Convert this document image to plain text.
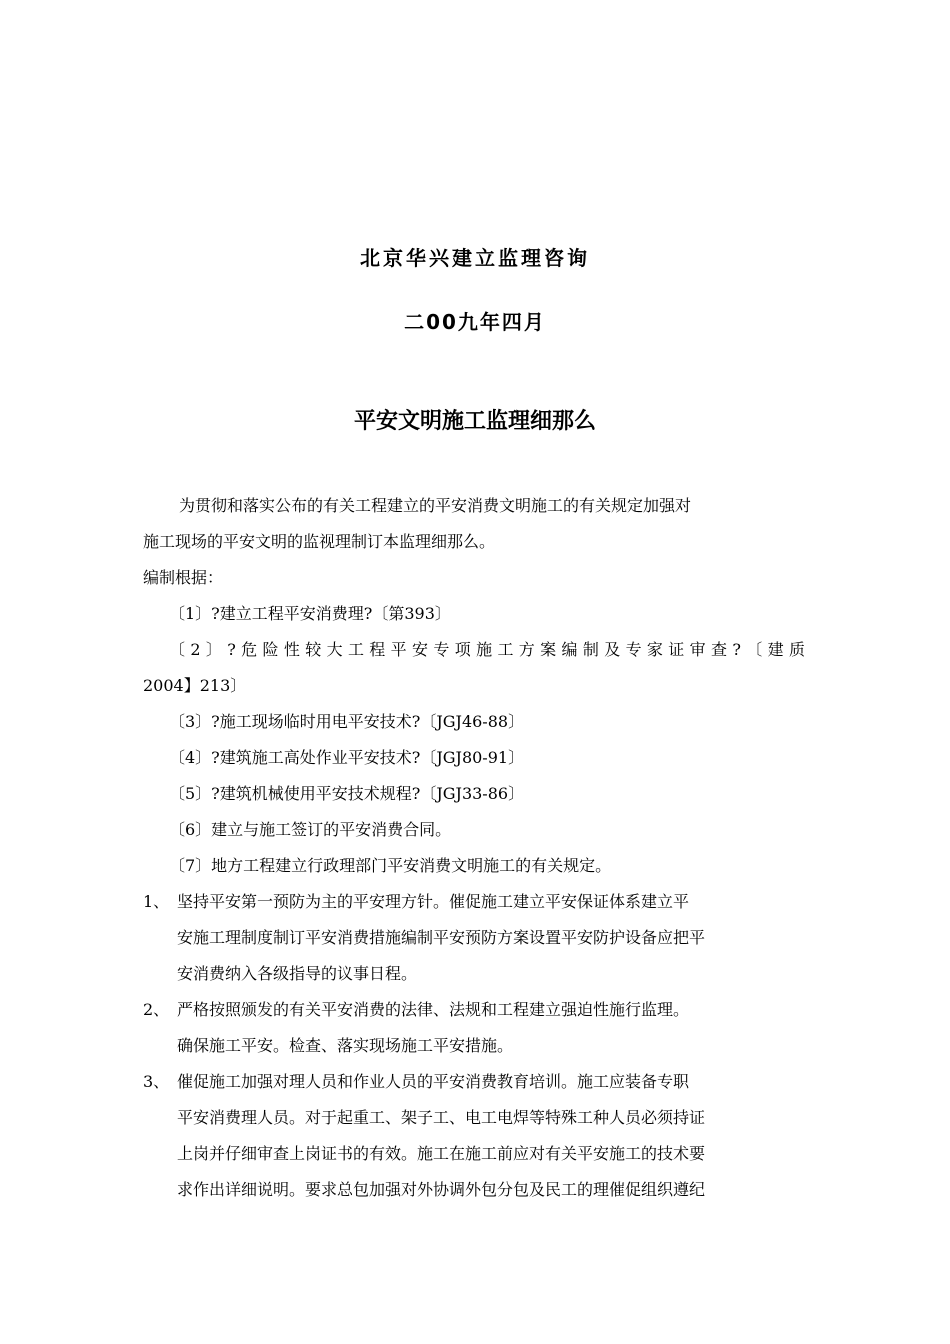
北京华兴建立监理咨询
二00九年四月
平安文明施工监理细那么
为贯彻和落实公布的有关工程建立的平安消费文明施工的有关规定加强对
施工现场的平安文明的监视理制订本监理细那么。
编制根据：
〔1〕?建立工程平安消费理?〔第393〕
〔2〕?危险性较大工程平安专项施工方案编制及专家证审查?〔建质
2004】213〕
〔3〕?施工现场临时用电平安技术?〔JGJ46-88〕
〔4〕?建筑施工高处作业平安技术?〔JGJ80-91〕
〔5〕?建筑机械使用平安技术规程?〔JGJ33-86〕
〔6〕建立与施工签订的平安消费合同。
〔7〕地方工程建立行政理部门平安消费文明施工的有关规定。
1、 坚持平安第一预防为主的平安理方针。催促施工建立平安保证体系建立平
安施工理制度制订平安消费措施编制平安预防方案设置平安防护设备应把平
安消费纳入各级指导的议事日程。
2、 严格按照颁发的有关平安消费的法律、法规和工程建立强迫性施行监理。
确保施工平安。检查、落实现场施工平安措施。
3、 催促施工加强对理人员和作业人员的平安消费教育培训。施工应装备专职
平安消费理人员。对于起重工、架子工、电工电焊等特殊工种人员必须持证
上岗并仔细审查上岗证书的有效。施工在施工前应对有关平安施工的技术要
求作出详细说明。要求总包加强对外协调外包分包及民工的理催促组织遵纪
